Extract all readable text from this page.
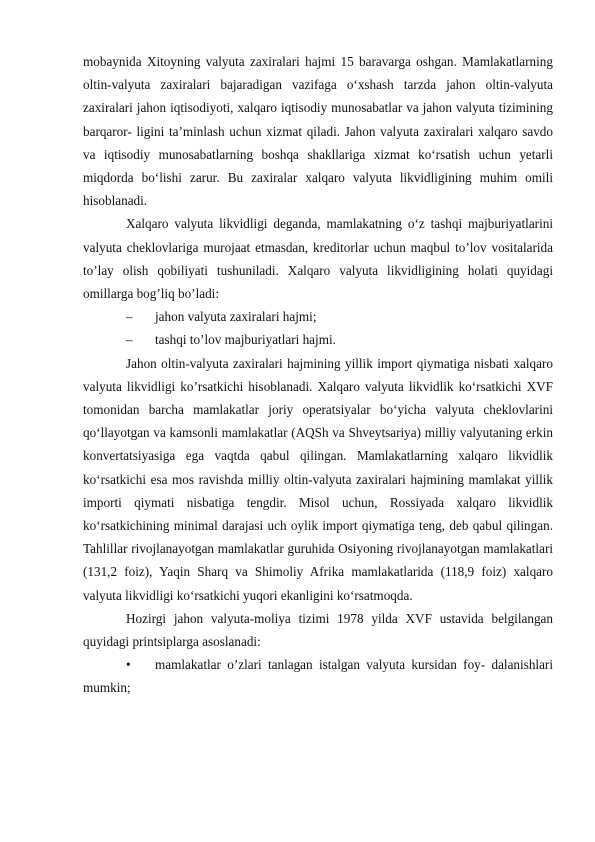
mobaynida Xitoyning valyuta zaxiralari hajmi 15 baravarga oshgan. Mamlakatlarning oltin-valyuta zaxiralari bajaradigan vazifaga o‘xshash tarzda jahon oltin-valyuta zaxiralari jahon iqtisodiyoti, xalqaro iqtisodiy munosabatlar va jahon valyuta tizimining barqaror- ligini ta’minlash uchun xizmat qiladi. Jahon valyuta zaxiralari xalqaro savdo va iqtisodiy munosabatlarning boshqa shakllariga xizmat ko‘rsatish uchun yetarli miqdorda bo‘lishi zarur. Bu zaxiralar xalqaro valyuta likvidligining muhim omili hisoblanadi.

Xalqaro valyuta likvidligi deganda, mamlakatning o‘z tashqi majburiyatlarini valyuta cheklovlariga murojaat etmasdan, kreditorlar uchun maqbul to’lov vositalarida to’lay olish qobiliyati tushuniladi. Xalqaro valyuta likvidligining holati quyidagi omillarga bog’liq bo’ladi:

–	jahon valyuta zaxiralari hajmi;
–	tashqi to’lov majburiyatlari hajmi.

Jahon oltin-valyuta zaxiralari hajmining yillik import qiymatiga nisbati xalqaro valyuta likvidligi ko’rsatkichi hisoblanadi. Xalqaro valyuta likvidlik ko‘rsatkichi XVF tomonidan barcha mamlakatlar joriy operatsiyalar bo‘yicha valyuta cheklovlarini qo‘llayotgan va kamsonli mamlakatlar (AQSh va Shveytsariya) milliy valyutaning erkin konvertatsiyasiga ega vaqtda qabul qilingan. Mamlakatlarning xalqaro likvidlik ko‘rsatkichi esa mos ravishda milliy oltin-valyuta zaxiralari hajmining mamlakat yillik importi qiymati nisbatiga tengdir. Misol uchun, Rossiyada xalqaro likvidlik ko‘rsatkichining minimal darajasi uch oylik import qiymatiga teng, deb qabul qilingan. Tahlillar rivojlanayotgan mamlakatlar guruhida Osiyoning rivojlanayotgan mamlakatlari (131,2 foiz), Yaqin Sharq va Shimoliy Afrika mamlakatlarida (118,9 foiz) xalqaro valyuta likvidligi ko‘rsatkichi yuqori ekanligini ko‘rsatmoqda.

Hozirgi jahon valyuta-moliya tizimi 1978 yilda XVF ustavida belgilangan quyidagi printsiplarga asoslanadi:

• mamlakatlar o’zlari tanlagan istalgan valyuta kursidan foy- dalanishlari mumkin;
